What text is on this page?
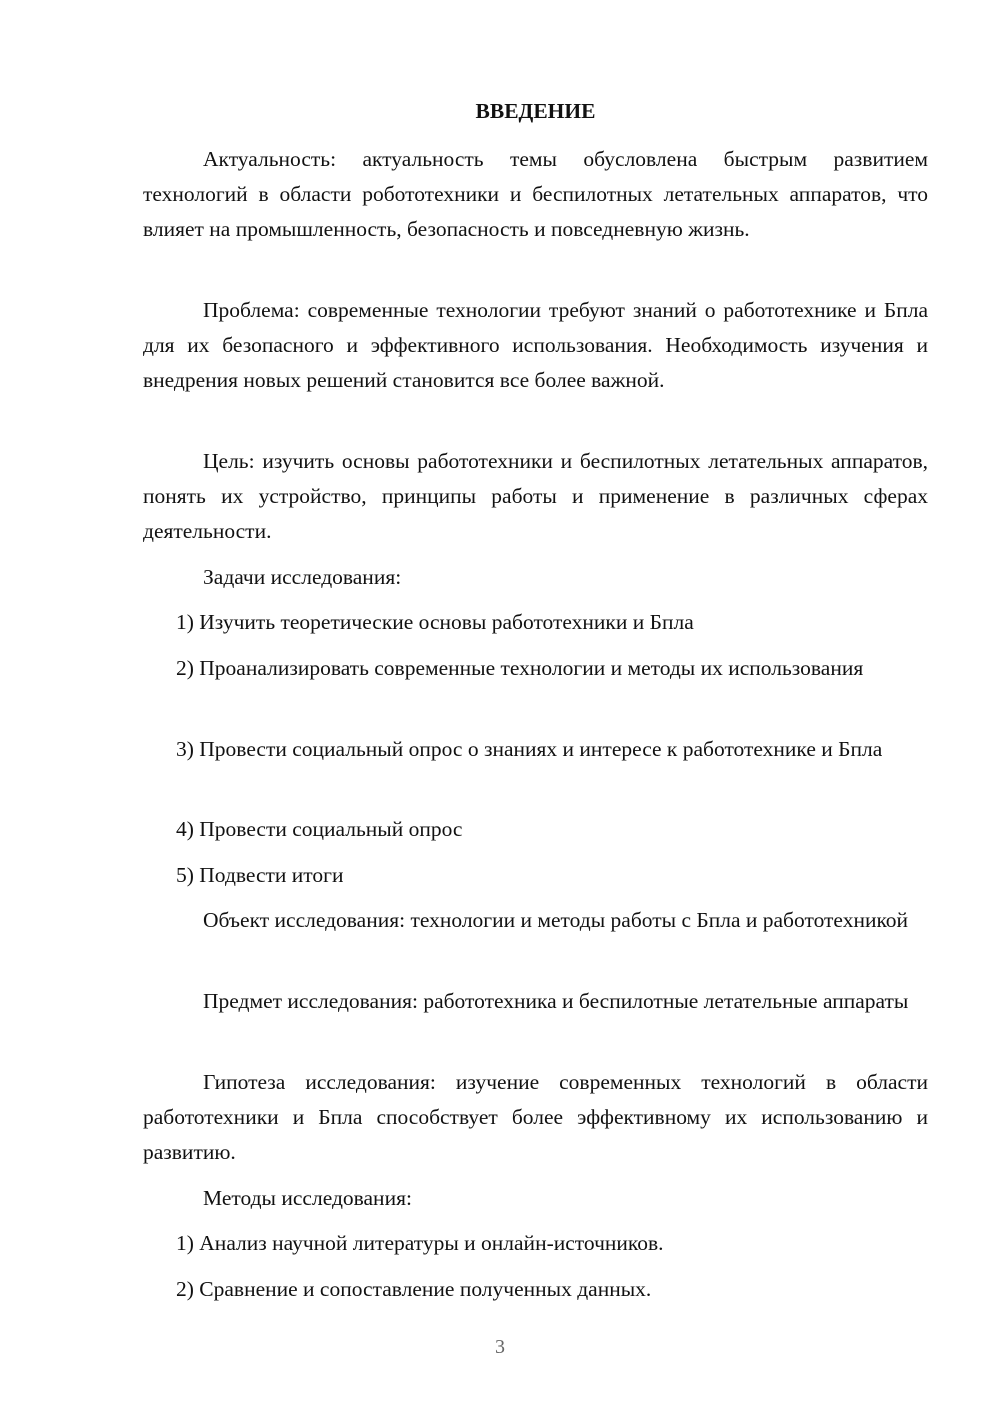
ВВЕДЕНИЕ

Актуальность: актуальность темы обусловлена быстрым развитием технологий в области робототехники и беспилотных летательных аппаратов, что влияет на промышленность, безопасность и повседневную жизнь.

Проблема: современные технологии требуют знаний о работотехнике и Бпла для их безопасного и эффективного использования. Необходимость изучения и внедрения новых решений становится все более важной.

Цель: изучить основы работотехники и беспилотных летательных аппаратов, понять их устройство, принципы работы и применение в различных сферах деятельности.

Задачи исследования:

1) Изучить теоретические основы работотехники и Бпла

2) Проанализировать современные технологии и методы их использования

3) Провести социальный опрос о знаниях и интересе к работотехнике и Бпла

4) Провести социальный опрос

5) Подвести итоги

Объект исследования: технологии и методы работы с Бпла и работотехникой

Предмет исследования: работотехника и беспилотные летательные аппараты

Гипотеза исследования: изучение современных технологий в области работотехники и Бпла способствует более эффективному их использованию и развитию.

Методы исследования:

1) Анализ научной литературы и онлайн-источников.

2) Сравнение и сопоставление полученных данных.

3
